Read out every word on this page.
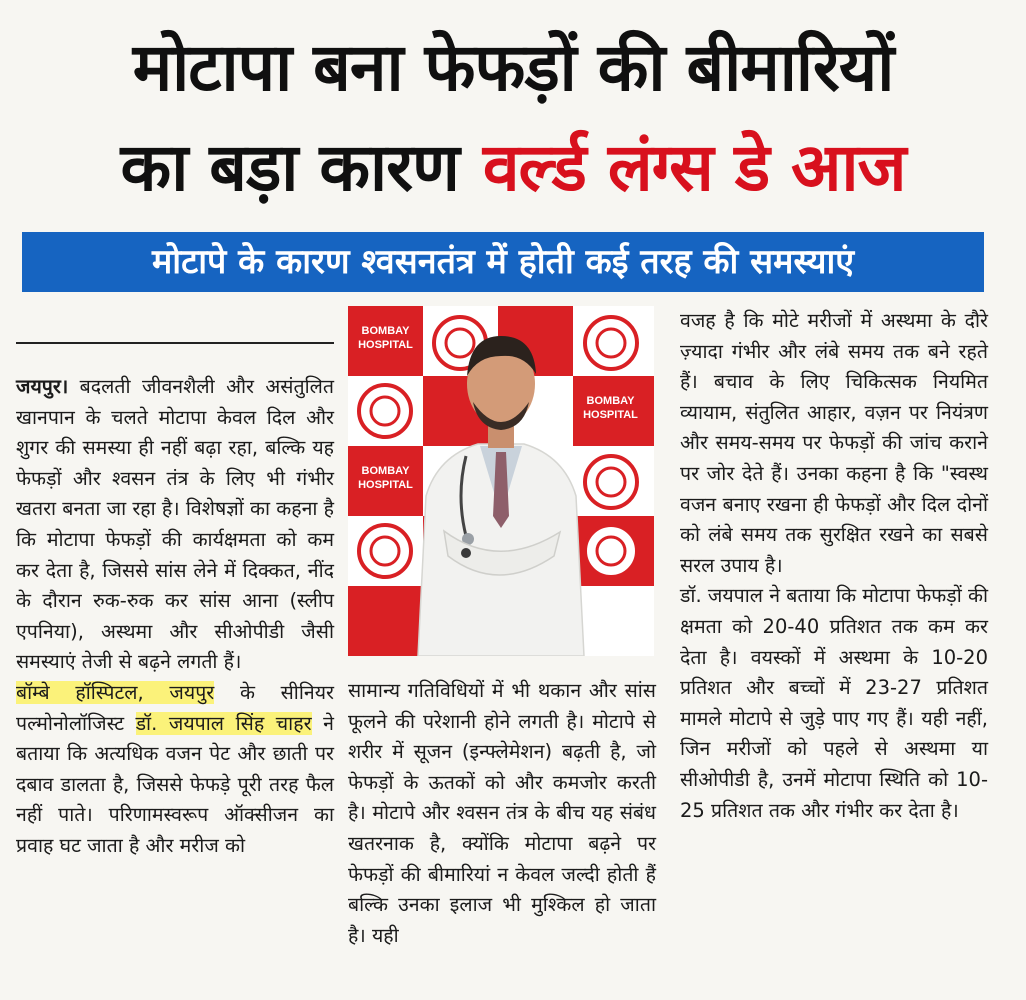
मोटापा बना फेफड़ों की बीमारियों
का बड़ा कारण वर्ल्ड लंग्स डे आज
मोटापे के कारण श्वसनतंत्र में होती कई तरह की समस्याएं

जयपुर। बदलती जीवनशैली और असंतुलित खानपान के चलते मोटापा केवल दिल और शुगर की समस्या ही नहीं बढ़ा रहा, बल्कि यह फेफड़ों और श्वसन तंत्र के लिए भी गंभीर खतरा बनता जा रहा है। विशेषज्ञों का कहना है कि मोटापा फेफड़ों की कार्यक्षमता को कम कर देता है, जिससे सांस लेने में दिक्कत, नींद के दौरान रुक-रुक कर सांस आना (स्लीप एपनिया), अस्थमा और सीओपीडी जैसी समस्याएं तेजी से बढ़ने लगती हैं।

बॉम्बे हॉस्पिटल, जयपुर के सीनियर पल्मोनोलॉजिस्ट डॉ. जयपाल सिंह चाहर ने बताया कि अत्यधिक वजन पेट और छाती पर दबाव डालता है, जिससे फेफड़े पूरी तरह फैल नहीं पाते। परिणामस्वरूप ऑक्सीजन का प्रवाह घट जाता है और मरीज को

BOMBAY HOSPITAL
BOMBAY HOSPITAL
BOMBAY HOSPITAL
BOMBAY HOSPITAL

सामान्य गतिविधियों में भी थकान और सांस फूलने की परेशानी होने लगती है। मोटापे से शरीर में सूजन (इन्फ्लेमेशन) बढ़ती है, जो फेफड़ों के ऊतकों को और कमजोर करती है। मोटापे और श्वसन तंत्र के बीच यह संबंध खतरनाक है, क्योंकि मोटापा बढ़ने पर फेफड़ों की बीमारियां न केवल जल्दी होती हैं बल्कि उनका इलाज भी मुश्किल हो जाता है। यही

वजह है कि मोटे मरीजों में अस्थमा के दौरे ज़्यादा गंभीर और लंबे समय तक बने रहते हैं। बचाव के लिए चिकित्सक नियमित व्यायाम, संतुलित आहार, वज़न पर नियंत्रण और समय-समय पर फेफड़ों की जांच कराने पर जोर देते हैं। उनका कहना है कि "स्वस्थ वजन बनाए रखना ही फेफड़ों और दिल दोनों को लंबे समय तक सुरक्षित रखने का सबसे सरल उपाय है।

डॉ. जयपाल ने बताया कि मोटापा फेफड़ों की क्षमता को 20-40 प्रतिशत तक कम कर देता है। वयस्कों में अस्थमा के 10-20 प्रतिशत और बच्चों में 23-27 प्रतिशत मामले मोटापे से जुड़े पाए गए हैं। यही नहीं, जिन मरीजों को पहले से अस्थमा या सीओपीडी है, उनमें मोटापा स्थिति को 10-25 प्रतिशत तक और गंभीर कर देता है।
